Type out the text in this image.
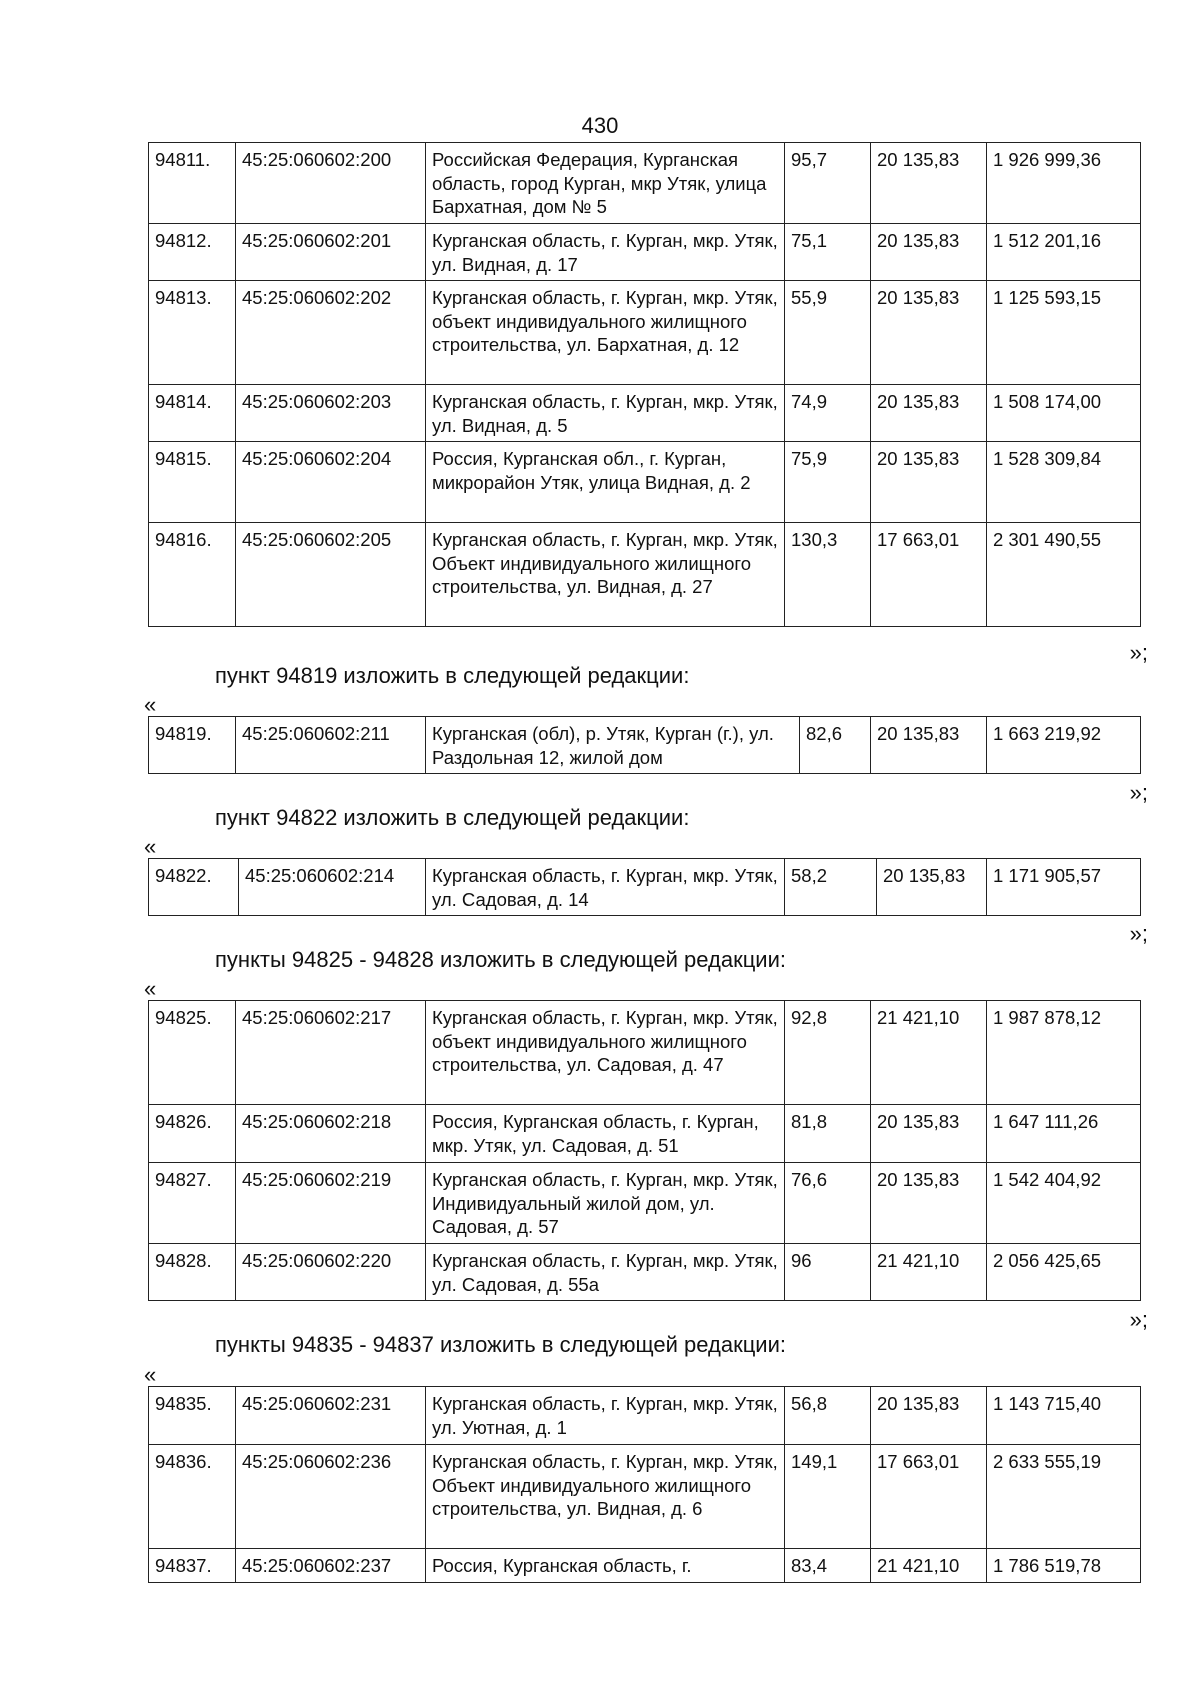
430
94811.	45:25:060602:200	Российская Федерация, Курганская область, город Курган, мкр Утяк, улица Бархатная, дом № 5	95,7	20 135,83	1 926 999,36
94812.	45:25:060602:201	Курганская область, г. Курган, мкр. Утяк, ул. Видная, д. 17	75,1	20 135,83	1 512 201,16
94813.	45:25:060602:202	Курганская область, г. Курган, мкр. Утяк, объект индивидуального жилищного строительства, ул. Бархатная, д. 12	55,9	20 135,83	1 125 593,15
94814.	45:25:060602:203	Курганская область, г. Курган, мкр. Утяк, ул. Видная, д. 5	74,9	20 135,83	1 508 174,00
94815.	45:25:060602:204	Россия, Курганская обл., г. Курган, микрорайон Утяк, улица Видная, д. 2	75,9	20 135,83	1 528 309,84
94816.	45:25:060602:205	Курганская область, г. Курган, мкр. Утяк, Объект индивидуального жилищного строительства, ул. Видная, д. 27	130,3	17 663,01	2 301 490,55
»;
пункт 94819 изложить в следующей редакции:
«
94819.	45:25:060602:211	Курганская (обл), р. Утяк, Курган (г.), ул. Раздольная 12, жилой дом	82,6	20 135,83	1 663 219,92
»;
пункт 94822 изложить в следующей редакции:
«
94822.	45:25:060602:214	Курганская область, г. Курган, мкр. Утяк, ул. Садовая, д. 14	58,2	20 135,83	1 171 905,57
»;
пункты 94825 - 94828 изложить в следующей редакции:
«
94825.	45:25:060602:217	Курганская область, г. Курган, мкр. Утяк, объект индивидуального жилищного строительства, ул. Садовая, д. 47	92,8	21 421,10	1 987 878,12
94826.	45:25:060602:218	Россия, Курганская область, г. Курган, мкр. Утяк, ул. Садовая, д. 51	81,8	20 135,83	1 647 111,26
94827.	45:25:060602:219	Курганская область, г. Курган, мкр. Утяк, Индивидуальный жилой дом, ул. Садовая, д. 57	76,6	20 135,83	1 542 404,92
94828.	45:25:060602:220	Курганская область, г. Курган, мкр. Утяк, ул. Садовая, д. 55а	96	21 421,10	2 056 425,65
»;
пункты 94835 - 94837 изложить в следующей редакции:
«
94835.	45:25:060602:231	Курганская область, г. Курган, мкр. Утяк, ул. Уютная, д. 1	56,8	20 135,83	1 143 715,40
94836.	45:25:060602:236	Курганская область, г. Курган, мкр. Утяк, Объект индивидуального жилищного строительства, ул. Видная, д. 6	149,1	17 663,01	2 633 555,19
94837.	45:25:060602:237	Россия, Курганская область, г.	83,4	21 421,10	1 786 519,78
